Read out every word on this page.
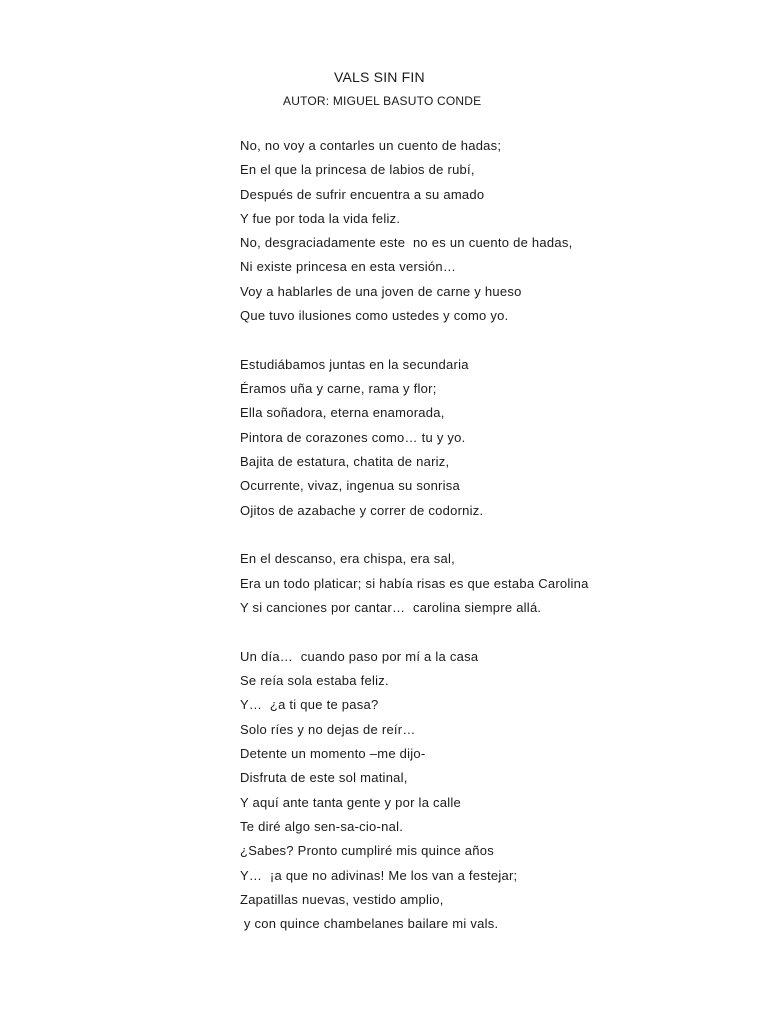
VALS SIN FIN
AUTOR: MIGUEL BASUTO CONDE
No, no voy a contarles un cuento de hadas;
En el que la princesa de labios de rubí,
Después de sufrir encuentra a su amado
Y fue por toda la vida feliz.
No, desgraciadamente este  no es un cuento de hadas,
Ni existe princesa en esta versión…
Voy a hablarles de una joven de carne y hueso
Que tuvo ilusiones como ustedes y como yo.
Estudiábamos juntas en la secundaria
Éramos uña y carne, rama y flor;
Ella soñadora, eterna enamorada,
Pintora de corazones como… tu y yo.
Bajita de estatura, chatita de nariz,
Ocurrente, vivaz, ingenua su sonrisa
Ojitos de azabache y correr de codorniz.
En el descanso, era chispa, era sal,
Era un todo platicar; si había risas es que estaba Carolina
Y si canciones por cantar…  carolina siempre allá.
Un día…  cuando paso por mí a la casa
Se reía sola estaba feliz.
Y…  ¿a ti que te pasa?
Solo ríes y no dejas de reír…
Detente un momento –me dijo-
Disfruta de este sol matinal,
Y aquí ante tanta gente y por la calle
Te diré algo sen-sa-cio-nal.
¿Sabes? Pronto cumpliré mis quince años
Y…  ¡a que no adivinas! Me los van a festejar;
Zapatillas nuevas, vestido amplio,
y con quince chambelanes bailare mi vals.
